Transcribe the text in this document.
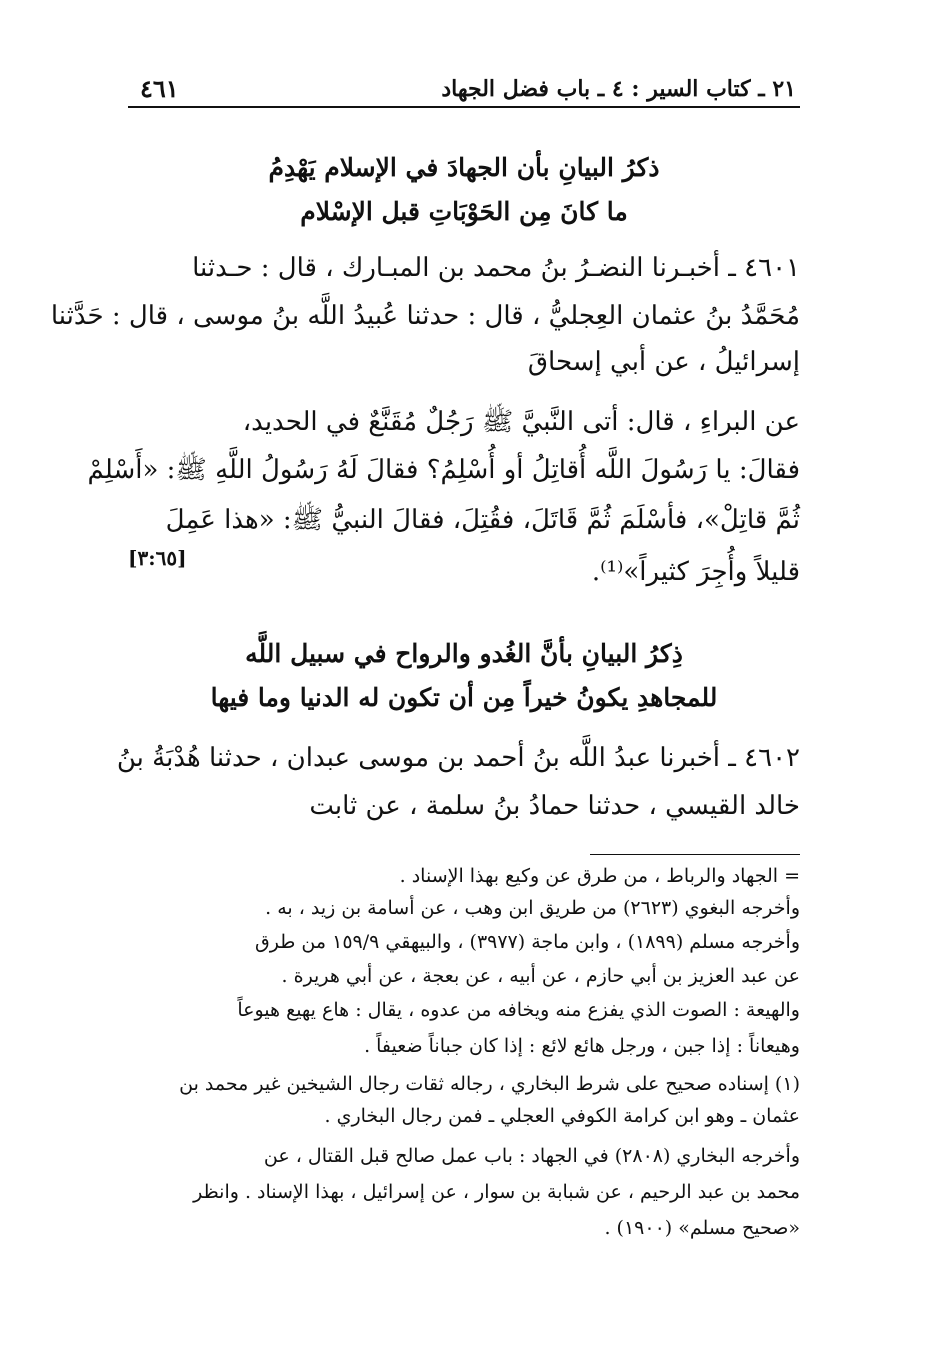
٢١ ـ كتاب السير : ٤ ـ باب فضل الجهاد
٤٦١
ذكرُ البيانِ بأن الجهادَ في الإسلام يَهْدِمُ
ما كانَ مِن الحَوْبَاتِ قبل الإسْلام
٤٦٠١ ـ أخبـرنا النضـرُ بنُ محمد بن المبـارك ، قال : حـدثنا
مُحَمَّدُ بنُ عثمان العِجليُّ ، قال : حدثنا عُبيدُ اللَّه بنُ موسى ، قال : حَدَّثنا
إسرائيلُ ، عن أبي إسحاقَ
عن البراءِ ، قال: أتى النَّبيَّ ﷺ رَجُلٌ مُقَنَّعٌ في الحديد،
فقالَ: يا رَسُولَ اللَّه أُقاتِلُ أو أُسْلِمُ؟ فقالَ لَهُ رَسُولُ اللَّهِ ﷺ: «أَسْلِمْ
ثُمَّ قاتِلْ»، فأسْلَمَ ثُمَّ قَاتَلَ، فقُتِلَ، فقالَ النبيُّ ﷺ: «هذا عَمِلَ
قليلاً وأُجِرَ كثيراً»⁽¹⁾.
[٣:٦٥]
ذِكرُ البيانِ بأنَّ الغُدو والرواح في سبيل اللَّه
للمجاهدِ يكونُ خيراً مِن أن تكون له الدنيا وما فيها
٤٦٠٢ ـ أخبرنا عبدُ اللَّه بنُ أحمد بن موسى عبدان ، حدثنا هُدْبَةُ بنُ
خالد القيسي ، حدثنا حمادُ بنُ سلمة ، عن ثابت
= الجهاد والرباط ، من طرق عن وكيع بهذا الإسناد .
وأخرجه البغوي (٢٦٢٣) من طريق ابن وهب ، عن أسامة بن زيد ، به .
وأخرجه مسلم (١٨٩٩) ، وابن ماجة (٣٩٧٧) ، والبيهقي ١٥٩/٩ من طرق
عن عبد العزيز بن أبي حازم ، عن أبيه ، عن بعجة ، عن أبي هريرة .
والهيعة : الصوت الذي يفزع منه ويخافه من عدوه ، يقال : هاع يهيع هيوعاً
وهيعاناً : إذا جبن ، ورجل هائع لائع : إذا كان جباناً ضعيفاً .
(١) إسناده صحيح على شرط البخاري ، رجاله ثقات رجال الشيخين غير محمد بن
عثمان ـ وهو ابن كرامة الكوفي العجلي ـ فمن رجال البخاري .
وأخرجه البخاري (٢٨٠٨) في الجهاد : باب عمل صالح قبل القتال ، عن
محمد بن عبد الرحيم ، عن شبابة بن سوار ، عن إسرائيل ، بهذا الإسناد . وانظر
«صحيح مسلم» (١٩٠٠) .
